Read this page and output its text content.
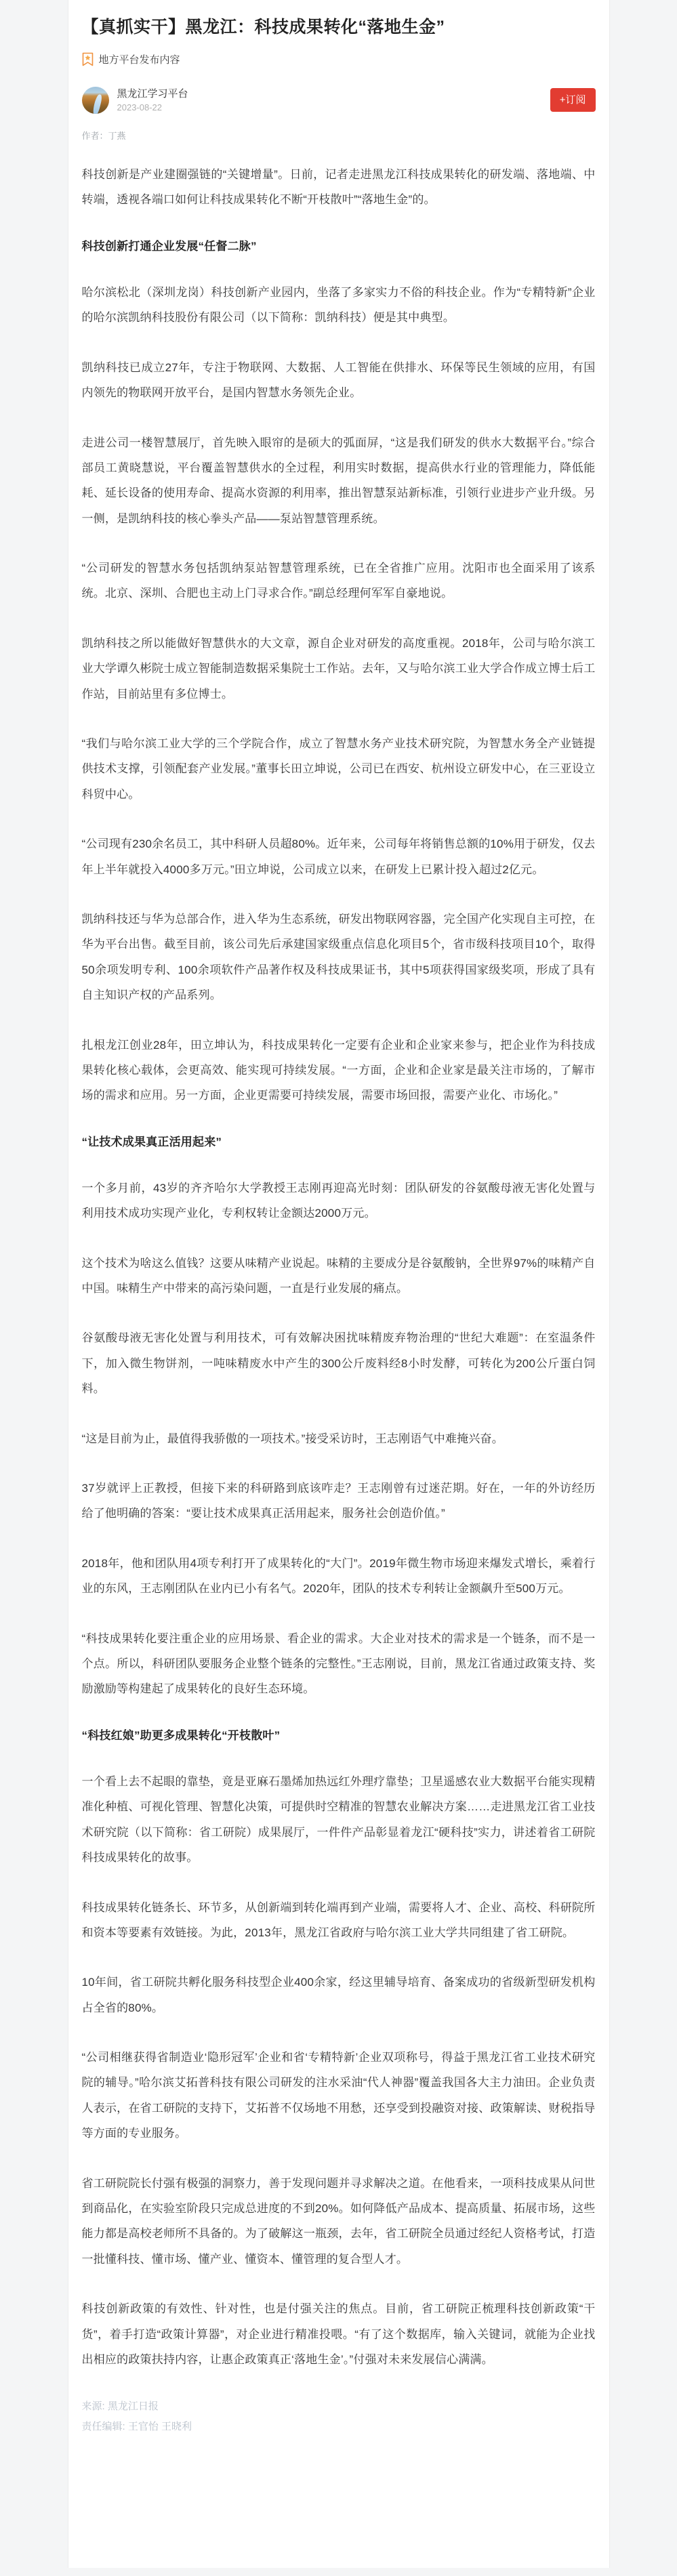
【真抓实干】黑龙江：科技成果转化“落地生金”
地方平台发布内容
黑龙江学习平台
2023-08-22
+订阅
作者：丁燕

科技创新是产业建圈强链的“关键增量”。日前，记者走进黑龙江科技成果转化的研发端、落地端、中转端，透视各端口如何让科技成果转化不断“开枝散叶”“落地生金”的。

科技创新打通企业发展“任督二脉”

哈尔滨松北（深圳龙岗）科技创新产业园内，坐落了多家实力不俗的科技企业。作为“专精特新”企业的哈尔滨凯纳科技股份有限公司（以下简称：凯纳科技）便是其中典型。

凯纳科技已成立27年，专注于物联网、大数据、人工智能在供排水、环保等民生领域的应用，有国内领先的物联网开放平台，是国内智慧水务领先企业。

走进公司一楼智慧展厅，首先映入眼帘的是硕大的弧面屏，“这是我们研发的供水大数据平台。”综合部员工黄晓慧说，平台覆盖智慧供水的全过程，利用实时数据，提高供水行业的管理能力，降低能耗、延长设备的使用寿命、提高水资源的利用率，推出智慧泵站新标准，引领行业进步产业升级。另一侧，是凯纳科技的核心拳头产品——泵站智慧管理系统。

“公司研发的智慧水务包括凯纳泵站智慧管理系统，已在全省推广应用。沈阳市也全面采用了该系统。北京、深圳、合肥也主动上门寻求合作。”副总经理何军军自豪地说。

凯纳科技之所以能做好智慧供水的大文章，源自企业对研发的高度重视。2018年，公司与哈尔滨工业大学谭久彬院士成立智能制造数据采集院士工作站。去年，又与哈尔滨工业大学合作成立博士后工作站，目前站里有多位博士。

“我们与哈尔滨工业大学的三个学院合作，成立了智慧水务产业技术研究院，为智慧水务全产业链提供技术支撑，引领配套产业发展。”董事长田立坤说，公司已在西安、杭州设立研发中心，在三亚设立科贸中心。

“公司现有230余名员工，其中科研人员超80%。近年来，公司每年将销售总额的10%用于研发，仅去年上半年就投入4000多万元。”田立坤说，公司成立以来，在研发上已累计投入超过2亿元。

凯纳科技还与华为总部合作，进入华为生态系统，研发出物联网容器，完全国产化实现自主可控，在华为平台出售。截至目前，该公司先后承建国家级重点信息化项目5个，省市级科技项目10个，取得50余项发明专利、100余项软件产品著作权及科技成果证书，其中5项获得国家级奖项，形成了具有自主知识产权的产品系列。

扎根龙江创业28年，田立坤认为，科技成果转化一定要有企业和企业家来参与，把企业作为科技成果转化核心载体，会更高效、能实现可持续发展。“一方面，企业和企业家是最关注市场的，了解市场的需求和应用。另一方面，企业更需要可持续发展，需要市场回报，需要产业化、市场化。”

“让技术成果真正活用起来”

一个多月前，43岁的齐齐哈尔大学教授王志刚再迎高光时刻：团队研发的谷氨酸母液无害化处置与利用技术成功实现产业化，专利权转让金额达2000万元。

这个技术为啥这么值钱？这要从味精产业说起。味精的主要成分是谷氨酸钠，全世界97%的味精产自中国。味精生产中带来的高污染问题，一直是行业发展的痛点。

谷氨酸母液无害化处置与利用技术，可有效解决困扰味精废弃物治理的“世纪大难题”：在室温条件下，加入微生物饼剂，一吨味精废水中产生的300公斤废料经8小时发酵，可转化为200公斤蛋白饲料。

“这是目前为止，最值得我骄傲的一项技术。”接受采访时，王志刚语气中难掩兴奋。

37岁就评上正教授，但接下来的科研路到底该咋走？王志刚曾有过迷茫期。好在，一年的外访经历给了他明确的答案：“要让技术成果真正活用起来，服务社会创造价值。”

2018年，他和团队用4项专利打开了成果转化的“大门”。2019年微生物市场迎来爆发式增长，乘着行业的东风，王志刚团队在业内已小有名气。2020年，团队的技术专利转让金额飙升至500万元。

“科技成果转化要注重企业的应用场景、看企业的需求。大企业对技术的需求是一个链条，而不是一个点。所以，科研团队要服务企业整个链条的完整性。”王志刚说，目前，黑龙江省通过政策支持、奖励激励等构建起了成果转化的良好生态环境。

“科技红娘”助更多成果转化“开枝散叶”

一个看上去不起眼的靠垫，竟是亚麻石墨烯加热远红外理疗靠垫；卫星遥感农业大数据平台能实现精准化种植、可视化管理、智慧化决策，可提供时空精准的智慧农业解决方案……走进黑龙江省工业技术研究院（以下简称：省工研院）成果展厅，一件件产品彰显着龙江“硬科技”实力，讲述着省工研院科技成果转化的故事。

科技成果转化链条长、环节多，从创新端到转化端再到产业端，需要将人才、企业、高校、科研院所和资本等要素有效链接。为此，2013年，黑龙江省政府与哈尔滨工业大学共同组建了省工研院。

10年间，省工研院共孵化服务科技型企业400余家，经这里辅导培育、备案成功的省级新型研发机构占全省的80%。

“公司相继获得省制造业‘隐形冠军’企业和省‘专精特新’企业双项称号，得益于黑龙江省工业技术研究院的辅导。”哈尔滨艾拓普科技有限公司研发的注水采油“代人神器”覆盖我国各大主力油田。企业负责人表示，在省工研院的支持下，艾拓普不仅场地不用愁，还享受到投融资对接、政策解读、财税指导等方面的专业服务。

省工研院院长付强有极强的洞察力，善于发现问题并寻求解决之道。在他看来，一项科技成果从问世到商品化，在实验室阶段只完成总进度的不到20%。如何降低产品成本、提高质量、拓展市场，这些能力都是高校老师所不具备的。为了破解这一瓶颈，去年，省工研院全员通过经纪人资格考试，打造一批懂科技、懂市场、懂产业、懂资本、懂管理的复合型人才。

科技创新政策的有效性、针对性，也是付强关注的焦点。目前，省工研院正梳理科技创新政策“干货”，着手打造“政策计算器”，对企业进行精准投喂。“有了这个数据库，输入关键词，就能为企业找出相应的政策扶持内容，让惠企政策真正‘落地生金’。”付强对未来发展信心满满。

来源: 黑龙江日报
责任编辑: 王官怡 王晓利
